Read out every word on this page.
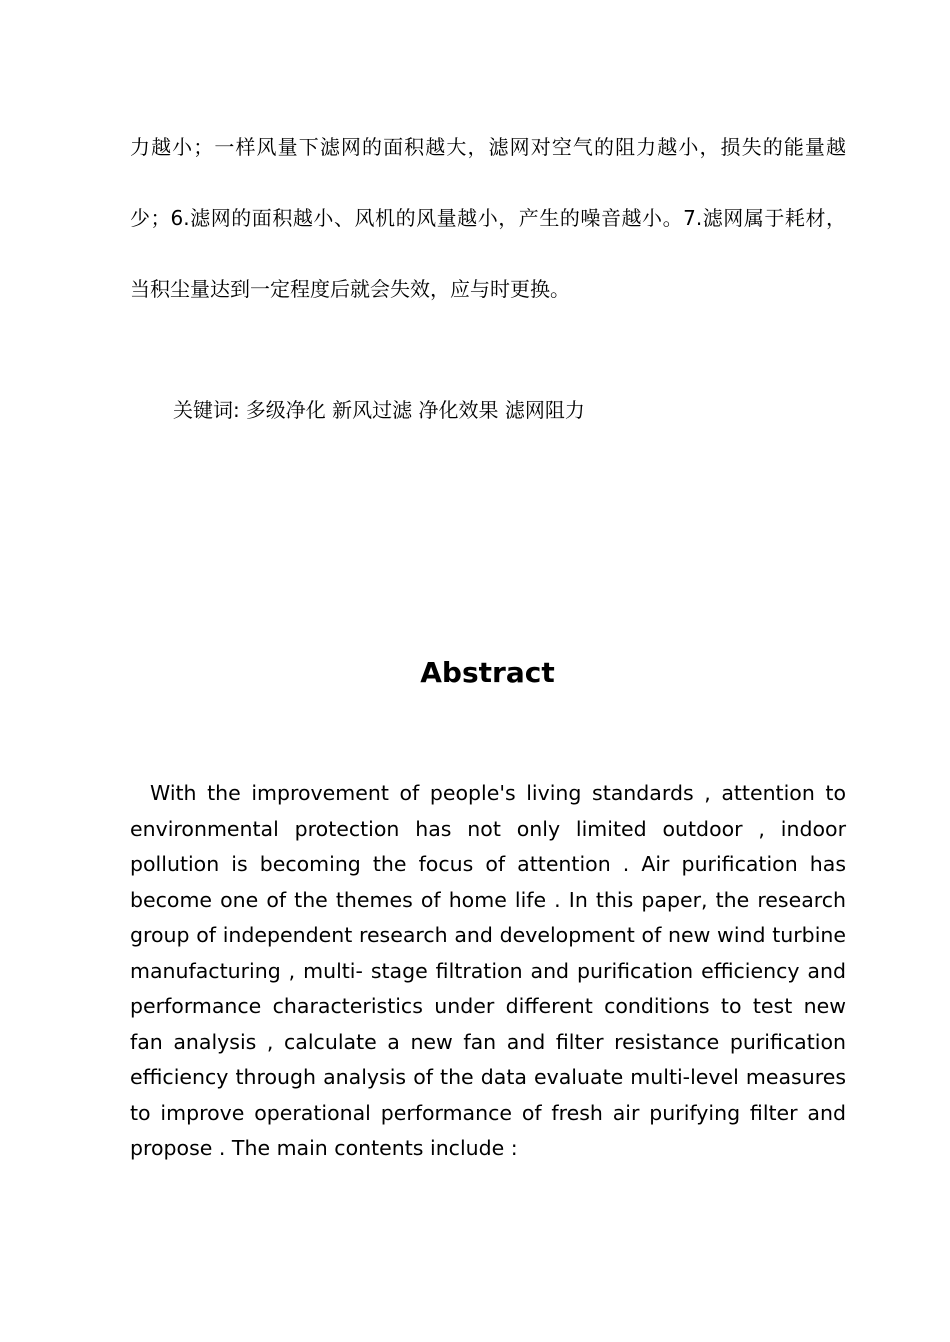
力越小；一样风量下滤网的面积越大，滤网对空气的阻力越小，损失的能量越少；6.滤网的面积越小、风机的风量越小，产生的噪音越小。7.滤网属于耗材，当积尘量达到一定程度后就会失效，应与时更换。

关键词: 多级净化 新风过滤 净化效果 滤网阻力

Abstract

With the improvement of people's living standards , attention to environmental protection has not only limited outdoor , indoor pollution is becoming the focus of attention . Air purification has become one of the themes of home life . In this paper, the research group of independent research and development of new wind turbine manufacturing , multi- stage filtration and purification efficiency and performance characteristics under different conditions to test new fan analysis , calculate a new fan and filter resistance purification efficiency through analysis of the data evaluate multi-level measures to improve operational performance of fresh air purifying filter and propose . The main contents include :
